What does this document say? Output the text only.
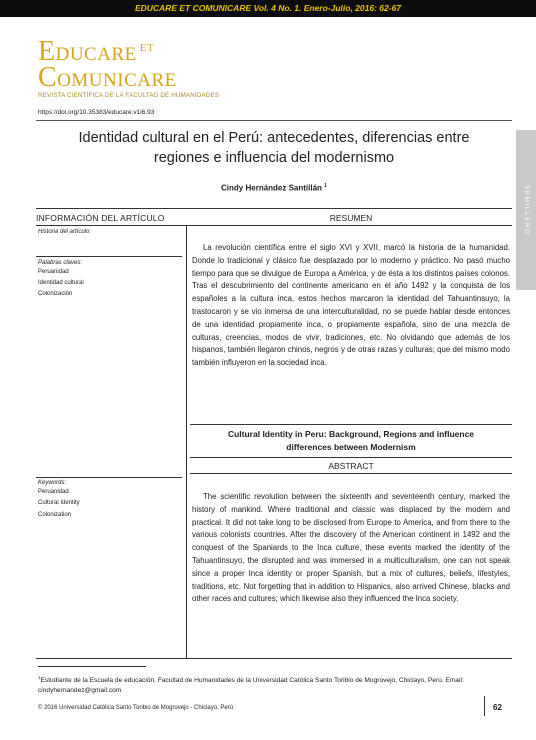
EDUCARE ET COMUNICARE Vol. 4 No. 1. Enero-Julio, 2016: 62-67
EDUCARE $^{ET}$
COMUNICARE
REVISTA CIENTÍFICA DE LA FACULTAD DE HUMANIDADES
https://doi.org/10.35383/educare.v1i6.93
Identidad cultural en el Perú: antecedentes, diferencias entre
regiones e influencia del modernismo
Cindy Hernández Santillán $^1$	SEMILLERO
INFORMACIÓN DEL ARTÍCULO
Historia del artículo:
Palabras claves:
Peruanidad
Identidad cultural
Colonización
Keywords:
Peruanidad
Cultural Identity
Colonization
RESUMEN
La revolución científica entre el siglo XVI y XVII, marcó la historia de la humanidad. Donde lo tradicional y clásico fue desplazado por lo moderno y práctico. No pasó mucho tiempo para que se divulgue de Europa a América, y de ésta a los distintos países colonos. Tras el descubrimiento del continente americano en el año 1492 y la conquista de los españoles a la cultura inca, estos hechos marcaron la identidad del Tahuantinsuyo, la trastocaron y se vio inmersa de una interculturalidad, no se puede hablar desde entonces de una identidad propiamente inca, o propiamente española, sino de una mezcla de culturas, creencias, modos de vivir, tradiciones, etc. No olvidando que además de los hispanos, también llegaron chinos, negros y de otras razas y culturas; que del mismo modo también influyeron en la sociedad inca.
Cultural Identity in Peru: Background, Regions and influence
differences between Modernism
ABSTRACT
The scientific revolution between the sixteenth and seventeenth century, marked the history of mankind. Where traditional and classic was displaced by the modern and practical. It did not take long to be disclosed from Europe to America, and from there to the various colonists countries. After the discovery of the American continent in 1492 and the conquest of the Spaniards to the Inca culture, these events marked the identity of the Tahuantinsuyo, the disrupted and was immersed in a multiculturalism, one can not speak since a proper Inca identity or proper Spanish, but a mix of cultures, beliefs, lifestyles, traditions, etc. Not forgetting that in addition to Hispanics, also arrived Chinese, blacks and other races and cultures; which likewise also they influenced the Inca society.
$^1$Estudiante de la Escuela de educación, Facultad de Humanidades de la Universidad Católica Santo Toribio de Mogrovejo, Chiclayo, Perú. Email: cindyhernandez@gmail.com
© 2016 Universidad Católica Santo Toribio de Mogrovejo - Chiclayo, Perú	62
